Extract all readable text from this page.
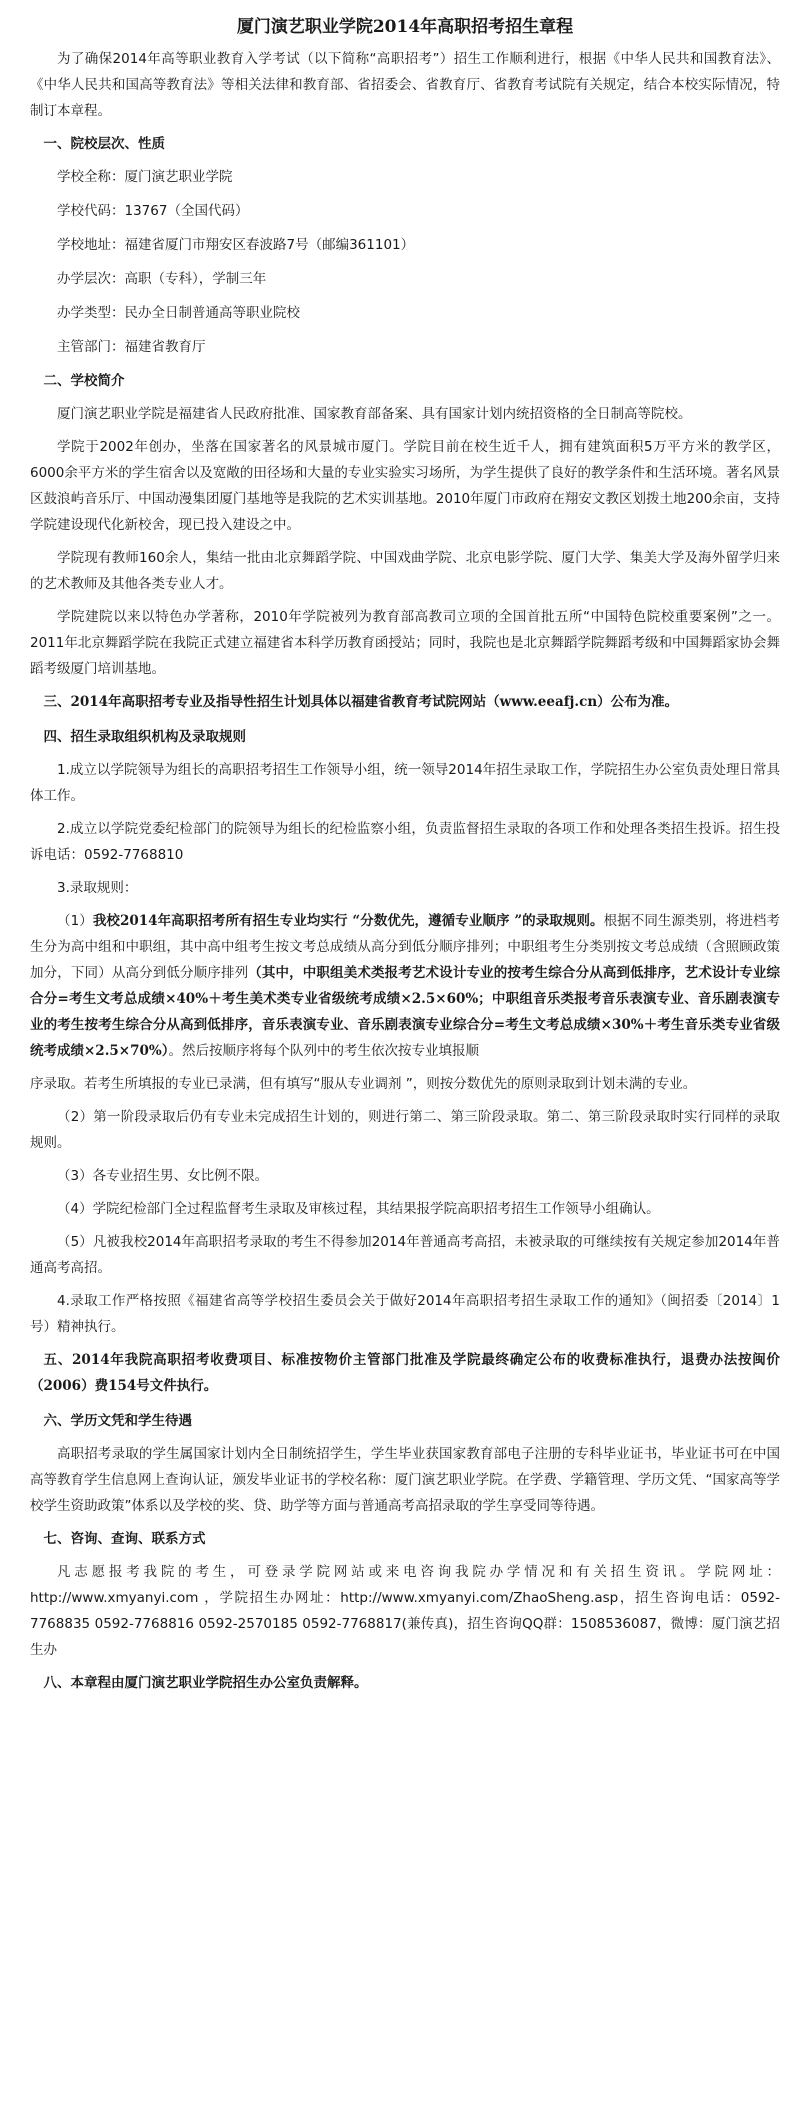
厦门演艺职业学院2014年高职招考招生章程

为了确保2014年高等职业教育入学考试（以下简称“高职招考”）招生工作顺利进行，根据《中华人民共和国教育法》、《中华人民共和国高等教育法》等相关法律和教育部、省招委会、省教育厅、省教育考试院有关规定，结合本校实际情况，特制订本章程。

一、院校层次、性质

学校全称：厦门演艺职业学院

学校代码：13767（全国代码）

学校地址：福建省厦门市翔安区春波路7号（邮编361101）

办学层次：高职（专科），学制三年

办学类型：民办全日制普通高等职业院校

主管部门：福建省教育厅

二、学校简介

厦门演艺职业学院是福建省人民政府批准、国家教育部备案、具有国家计划内统招资格的全日制高等院校。

学院于2002年创办，坐落在国家著名的风景城市厦门。学院目前在校生近千人，拥有建筑面积5万平方米的教学区，6000余平方米的学生宿舍以及宽敞的田径场和大量的专业实验实习场所，为学生提供了良好的教学条件和生活环境。著名风景区鼓浪屿音乐厅、中国动漫集团厦门基地等是我院的艺术实训基地。2010年厦门市政府在翔安文教区划拨土地200余亩，支持学院建设现代化新校舍，现已投入建设之中。

学院现有教师160余人，集结一批由北京舞蹈学院、中国戏曲学院、北京电影学院、厦门大学、集美大学及海外留学归来的艺术教师及其他各类专业人才。

学院建院以来以特色办学著称，2010年学院被列为教育部高教司立项的全国首批五所“中国特色院校重要案例”之一。2011年北京舞蹈学院在我院正式建立福建省本科学历教育函授站；同时，我院也是北京舞蹈学院舞蹈考级和中国舞蹈家协会舞蹈考级厦门培训基地。

三、2014年高职招考专业及指导性招生计划具体以福建省教育考试院网站（www.eeafj.cn）公布为准。

四、招生录取组织机构及录取规则

1.成立以学院领导为组长的高职招考招生工作领导小组，统一领导2014年招生录取工作，学院招生办公室负责处理日常具体工作。

2.成立以学院党委纪检部门的院领导为组长的纪检监察小组，负责监督招生录取的各项工作和处理各类招生投诉。招生投诉电话：0592-7768810

3.录取规则：

（1）我校2014年高职招考所有招生专业均实行 “分数优先，遵循专业顺序 ”的录取规则。根据不同生源类别，将进档考生分为高中组和中职组，其中高中组考生按文考总成绩从高分到低分顺序排列；中职组考生分类别按文考总成绩（含照顾政策加分，下同）从高分到低分顺序排列（其中，中职组美术类报考艺术设计专业的按考生综合分从高到低排序，艺术设计专业综合分=考生文考总成绩×40%＋考生美术类专业省级统考成绩×2.5×60%；中职组音乐类报考音乐表演专业、音乐剧表演专业的考生按考生综合分从高到低排序，音乐表演专业、音乐剧表演专业综合分=考生文考总成绩×30%＋考生音乐类专业省级统考成绩×2.5×70%）。然后按顺序将每个队列中的考生依次按专业填报顺

序录取。若考生所填报的专业已录满，但有填写“服从专业调剂 ”，则按分数优先的原则录取到计划未满的专业。

（2）第一阶段录取后仍有专业未完成招生计划的，则进行第二、第三阶段录取。第二、第三阶段录取时实行同样的录取规则。

（3）各专业招生男、女比例不限。

（4）学院纪检部门全过程监督考生录取及审核过程，其结果报学院高职招考招生工作领导小组确认。

（5）凡被我校2014年高职招考录取的考生不得参加2014年普通高考高招，未被录取的可继续按有关规定参加2014年普通高考高招。

4.录取工作严格按照《福建省高等学校招生委员会关于做好2014年高职招考招生录取工作的通知》（闽招委〔2014〕1号）精神执行。

五、2014年我院高职招考收费项目、标准按物价主管部门批准及学院最终确定公布的收费标准执行，退费办法按闽价（2006）费154号文件执行。

六、学历文凭和学生待遇

高职招考录取的学生属国家计划内全日制统招学生，学生毕业获国家教育部电子注册的专科毕业证书，毕业证书可在中国高等教育学生信息网上查询认证，颁发毕业证书的学校名称：厦门演艺职业学院。在学费、学籍管理、学历文凭、“国家高等学校学生资助政策”体系以及学校的奖、贷、助学等方面与普通高考高招录取的学生享受同等待遇。

七、咨询、查询、联系方式

凡志愿报考我院的考生，可登录学院网站或来电咨询我院办学情况和有关招生资讯。学院网址：http://www.xmyanyi.com ，学院招生办网址：http://www.xmyanyi.com/ZhaoSheng.asp，招生咨询电话：0592-7768835 0592-7768816 0592-2570185 0592-7768817(兼传真)，招生咨询QQ群：1508536087，微博：厦门演艺招生办

八、本章程由厦门演艺职业学院招生办公室负责解释。
